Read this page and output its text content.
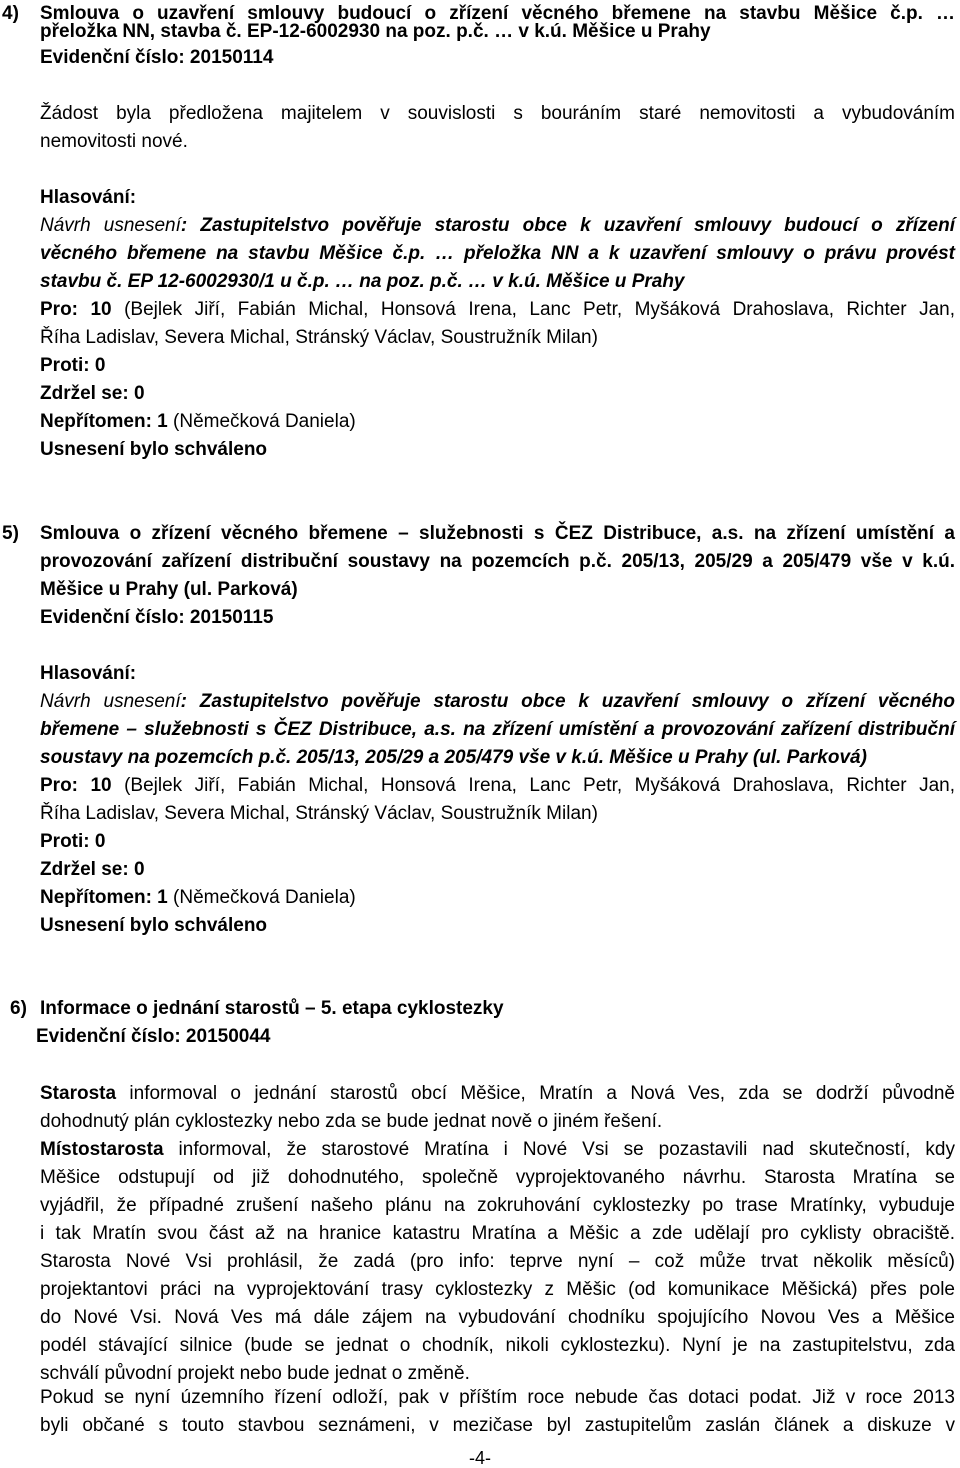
4) Smlouva o uzavření smlouvy budoucí o zřízení věcného břemene na stavbu Měšice č.p. …
přeložka NN, stavba č. EP-12-6002930 na poz. p.č. … v k.ú. Měšice u Prahy
Evidenční číslo: 20150114
Žádost byla předložena majitelem v souvislosti s bouráním staré nemovitosti a vybudováním
nemovitosti nové.
Hlasování:
Návrh usnesení: Zastupitelstvo pověřuje starostu obce k uzavření smlouvy budoucí o zřízení
věcného břemene na stavbu Měšice č.p. … přeložka NN a k uzavření smlouvy o právu provést
stavbu č. EP 12-6002930/1 u č.p. … na poz. p.č. … v k.ú. Měšice u Prahy
Pro: 10 (Bejlek Jiří, Fabián Michal, Honsová Irena, Lanc Petr, Myšáková Drahoslava, Richter Jan,
Říha Ladislav, Severa Michal, Stránský Václav, Soustružník Milan)
Proti: 0
Zdržel se: 0
Nepřítomen: 1 (Němečková Daniela)
Usnesení bylo schváleno
5) Smlouva o zřízení věcného břemene – služebnosti s ČEZ Distribuce, a.s. na zřízení umístění a
provozování zařízení distribuční soustavy na pozemcích p.č. 205/13, 205/29 a 205/479 vše v k.ú.
Měšice u Prahy (ul. Parková)
Evidenční číslo: 20150115
Hlasování:
Návrh usnesení: Zastupitelstvo pověřuje starostu obce k uzavření smlouvy o zřízení věcného
břemene – služebnosti s ČEZ Distribuce, a.s. na zřízení umístění a provozování zařízení distribuční
soustavy na pozemcích p.č. 205/13, 205/29 a 205/479 vše v k.ú. Měšice u Prahy (ul. Parková)
Pro: 10 (Bejlek Jiří, Fabián Michal, Honsová Irena, Lanc Petr, Myšáková Drahoslava, Richter Jan,
Říha Ladislav, Severa Michal, Stránský Václav, Soustružník Milan)
Proti: 0
Zdržel se: 0
Nepřítomen: 1 (Němečková Daniela)
Usnesení bylo schváleno
6) Informace o jednání starostů – 5. etapa cyklostezky
Evidenční číslo: 20150044
Starosta informoval o jednání starostů obcí Měšice, Mratín a Nová Ves, zda se dodrží původně
dohodnutý plán cyklostezky nebo zda se bude jednat nově o jiném řešení.
Místostarosta informoval, že starostové Mratína i Nové Vsi se pozastavili nad skutečností, kdy
Měšice odstupují od již dohodnutého, společně vyprojektovaného návrhu. Starosta Mratína se
vyjádřil, že případné zrušení našeho plánu na zokruhování cyklostezky po trase Mratínky, vybuduje
i tak Mratín svou část až na hranice katastru Mratína a Měšic a zde udělají pro cyklisty obraciště.
Starosta Nové Vsi prohlásil, že zadá (pro info: teprve nyní – což může trvat několik měsíců)
projektantovi práci na vyprojektování trasy cyklostezky z Měšic (od komunikace Měšická) přes pole
do Nové Vsi. Nová Ves má dále zájem na vybudování chodníku spojujícího Novou Ves a Měšice
podél stávající silnice (bude se jednat o chodník, nikoli cyklostezku). Nyní je na zastupitelstvu, zda
schválí původní projekt nebo bude jednat o změně.
Pokud se nyní územního řízení odloží, pak v příštím roce nebude čas dotaci podat. Již v roce 2013
byli občané s touto stavbou seznámeni, v mezičase byl zastupitelům zaslán článek a diskuze v
-4-
